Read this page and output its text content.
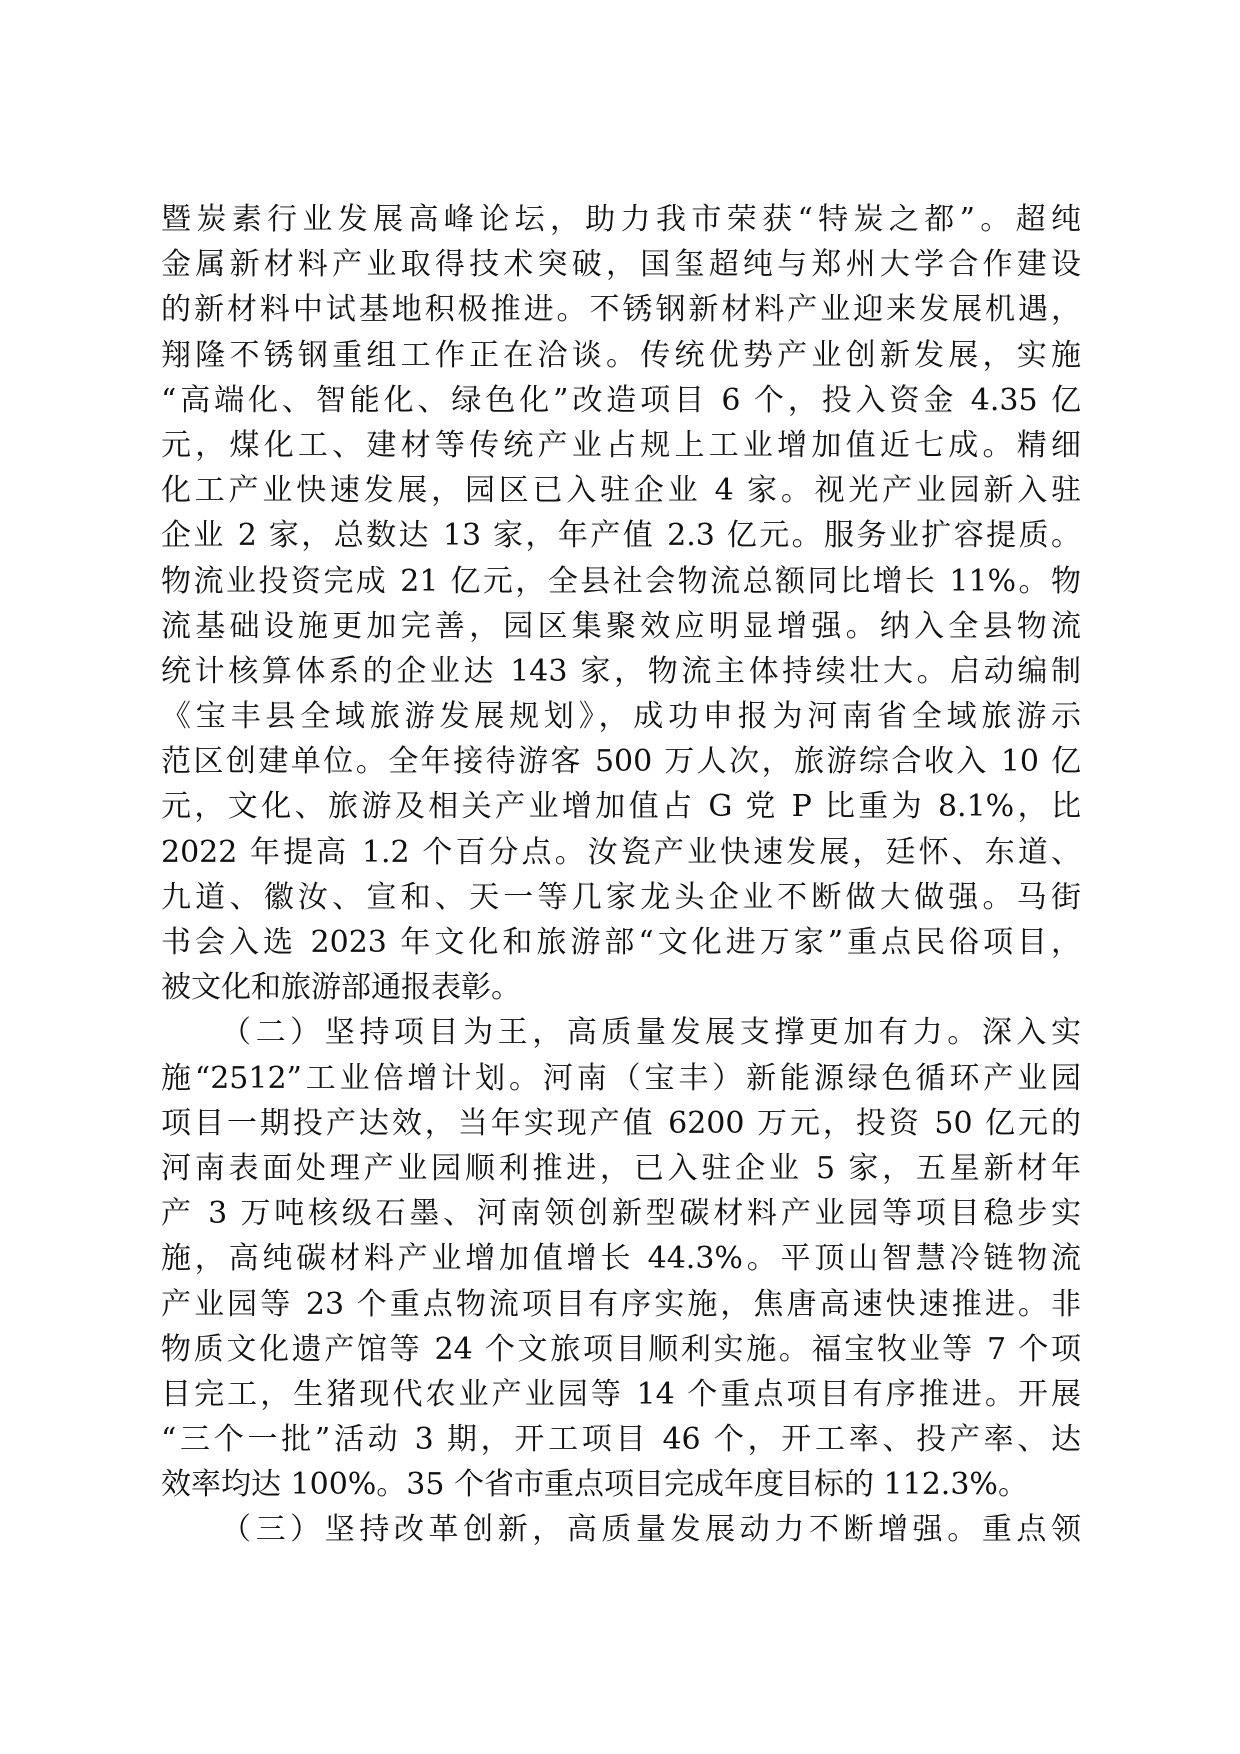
暨炭素行业发展高峰论坛，助力我市荣获“特炭之都”。超纯
金属新材料产业取得技术突破，国玺超纯与郑州大学合作建设
的新材料中试基地积极推进。不锈钢新材料产业迎来发展机遇，
翔隆不锈钢重组工作正在洽谈。传统优势产业创新发展，实施
“高端化、智能化、绿色化”改造项目 6 个，投入资金 4.35 亿
元，煤化工、建材等传统产业占规上工业增加值近七成。精细
化工产业快速发展，园区已入驻企业 4 家。视光产业园新入驻
企业 2 家，总数达 13 家，年产值 2.3 亿元。服务业扩容提质。
物流业投资完成 21 亿元，全县社会物流总额同比增长 11%。物
流基础设施更加完善，园区集聚效应明显增强。纳入全县物流
统计核算体系的企业达 143 家，物流主体持续壮大。启动编制
《宝丰县全域旅游发展规划》，成功申报为河南省全域旅游示
范区创建单位。全年接待游客 500 万人次，旅游综合收入 10 亿
元，文化、旅游及相关产业增加值占 G 党 P 比重为 8.1%，比
2022 年提高 1.2 个百分点。汝瓷产业快速发展，廷怀、东道、
九道、徽汝、宣和、天一等几家龙头企业不断做大做强。马街
书会入选 2023 年文化和旅游部“文化进万家”重点民俗项目，
被文化和旅游部通报表彰。
（二）坚持项目为王，高质量发展支撑更加有力。深入实
施“2512”工业倍增计划。河南（宝丰）新能源绿色循环产业园
项目一期投产达效，当年实现产值 6200 万元，投资 50 亿元的
河南表面处理产业园顺利推进，已入驻企业 5 家，五星新材年
产 3 万吨核级石墨、河南领创新型碳材料产业园等项目稳步实
施，高纯碳材料产业增加值增长 44.3%。平顶山智慧冷链物流
产业园等 23 个重点物流项目有序实施，焦唐高速快速推进。非
物质文化遗产馆等 24 个文旅项目顺利实施。福宝牧业等 7 个项
目完工，生猪现代农业产业园等 14 个重点项目有序推进。开展
“三个一批”活动 3 期，开工项目 46 个，开工率、投产率、达
效率均达 100%。35 个省市重点项目完成年度目标的 112.3%。
（三）坚持改革创新，高质量发展动力不断增强。重点领
